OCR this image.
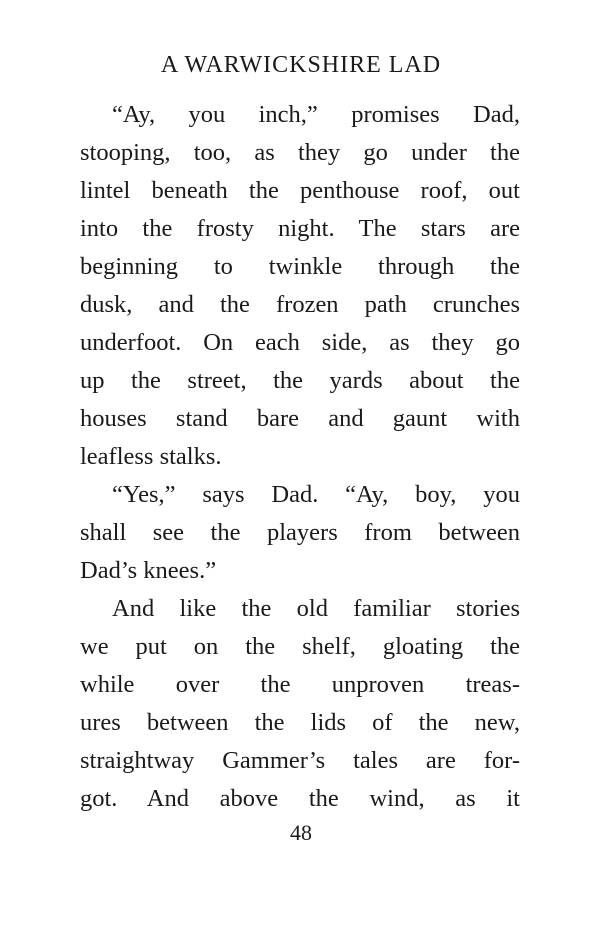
A WARWICKSHIRE LAD
“Ay, you inch,” promises Dad,
stooping, too, as they go under the
lintel beneath the penthouse roof, out
into the frosty night. The stars are
beginning to twinkle through the
dusk, and the frozen path crunches
underfoot. On each side, as they go
up the street, the yards about the
houses stand bare and gaunt with
leafless stalks.
“Yes,” says Dad. “Ay, boy, you
shall see the players from between
Dad’s knees.”
And like the old familiar stories
we put on the shelf, gloating the
while over the unproven treas-
ures between the lids of the new,
straightway Gammer’s tales are for-
got. And above the wind, as it
48
